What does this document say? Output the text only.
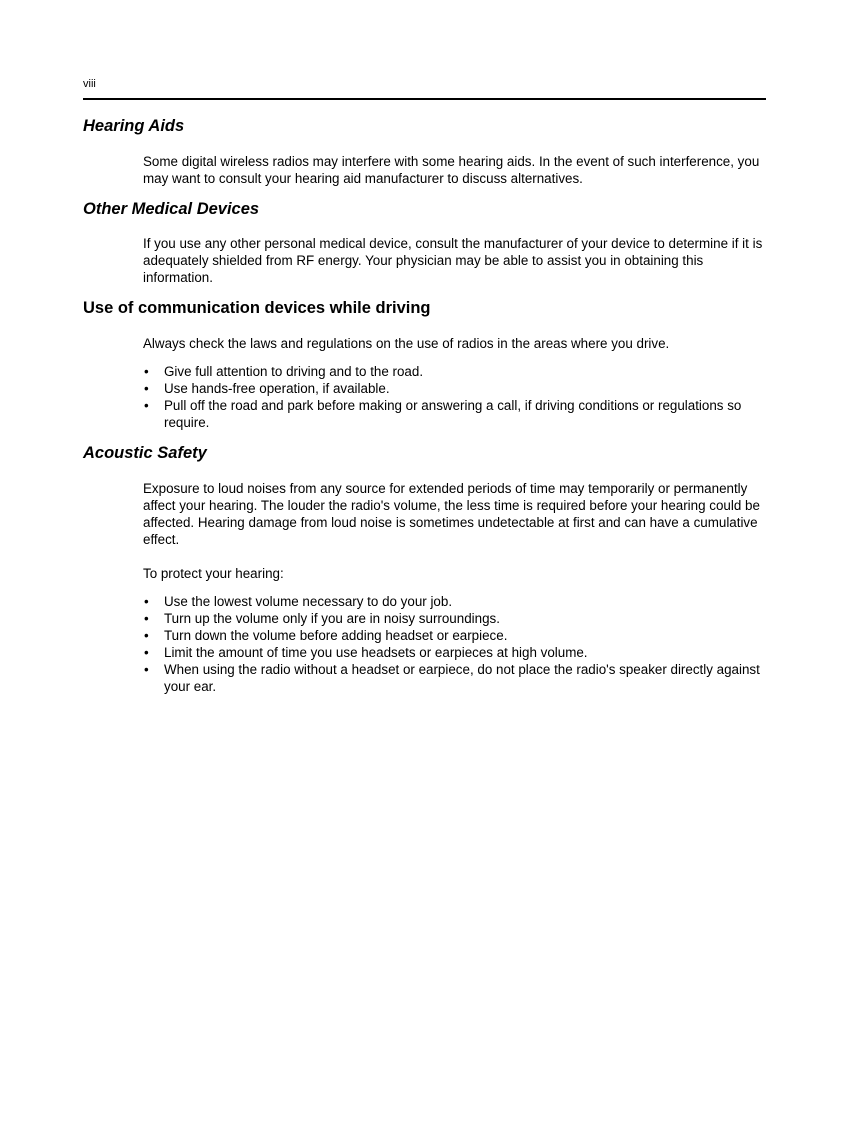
viii
Hearing Aids

Some digital wireless radios may interfere with some hearing aids. In the event of such interference, you may want to consult your hearing aid manufacturer to discuss alternatives.

Other Medical Devices

If you use any other personal medical device, consult the manufacturer of your device to determine if it is adequately shielded from RF energy. Your physician may be able to assist you in obtaining this information.

Use of communication devices while driving

Always check the laws and regulations on the use of radios in the areas where you drive.

• Give full attention to driving and to the road.
• Use hands-free operation, if available.
• Pull off the road and park before making or answering a call, if driving conditions or regulations so require.
Acoustic Safety

Exposure to loud noises from any source for extended periods of time may temporarily or permanently affect your hearing. The louder the radio's volume, the less time is required before your hearing could be affected. Hearing damage from loud noise is sometimes undetectable at first and can have a cumulative effect.

To protect your hearing:

• Use the lowest volume necessary to do your job.
• Turn up the volume only if you are in noisy surroundings.
• Turn down the volume before adding headset or earpiece.
• Limit the amount of time you use headsets or earpieces at high volume.
• When using the radio without a headset or earpiece, do not place the radio's speaker directly against your ear.
